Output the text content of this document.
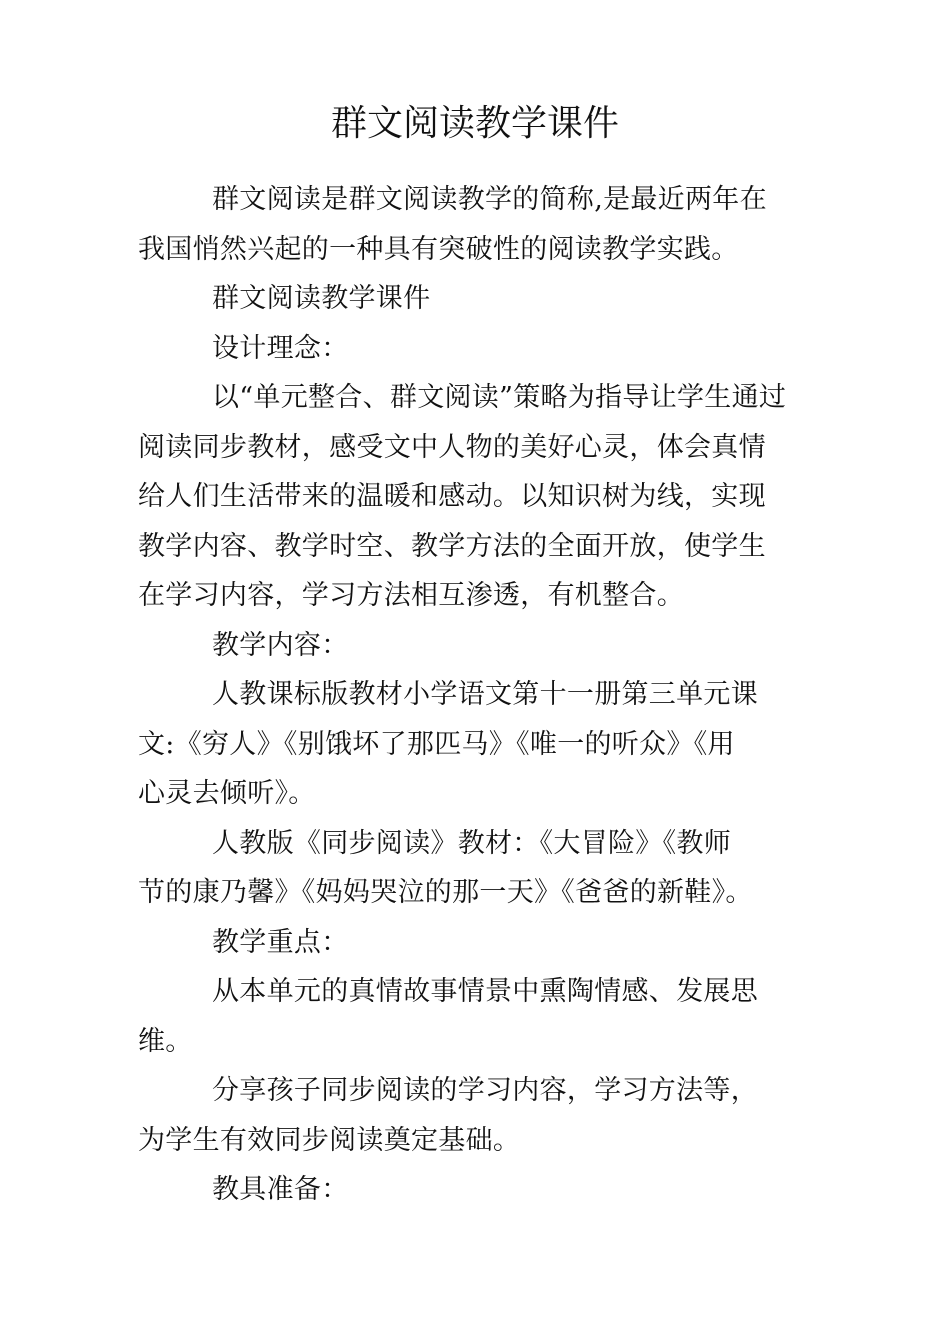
群文阅读教学课件

群文阅读是群文阅读教学的简称,是最近两年在
我国悄然兴起的一种具有突破性的阅读教学实践。

群文阅读教学课件

设计理念：

以“单元整合、群文阅读”策略为指导让学生通过
阅读同步教材，感受文中人物的美好心灵，体会真情
给人们生活带来的温暖和感动。以知识树为线，实现
教学内容、教学时空、教学方法的全面开放，使学生
在学习内容，学习方法相互渗透，有机整合。

教学内容：

人教课标版教材小学语文第十一册第三单元课
文:《穷人》《别饿坏了那匹马》《唯一的听众》《用
心灵去倾听》。

人教版《同步阅读》教材：《大冒险》《教师
节的康乃馨》《妈妈哭泣的那一天》《爸爸的新鞋》。

教学重点：

从本单元的真情故事情景中熏陶情感、发展思
维。

分享孩子同步阅读的学习内容，学习方法等，
为学生有效同步阅读奠定基础。

教具准备：
